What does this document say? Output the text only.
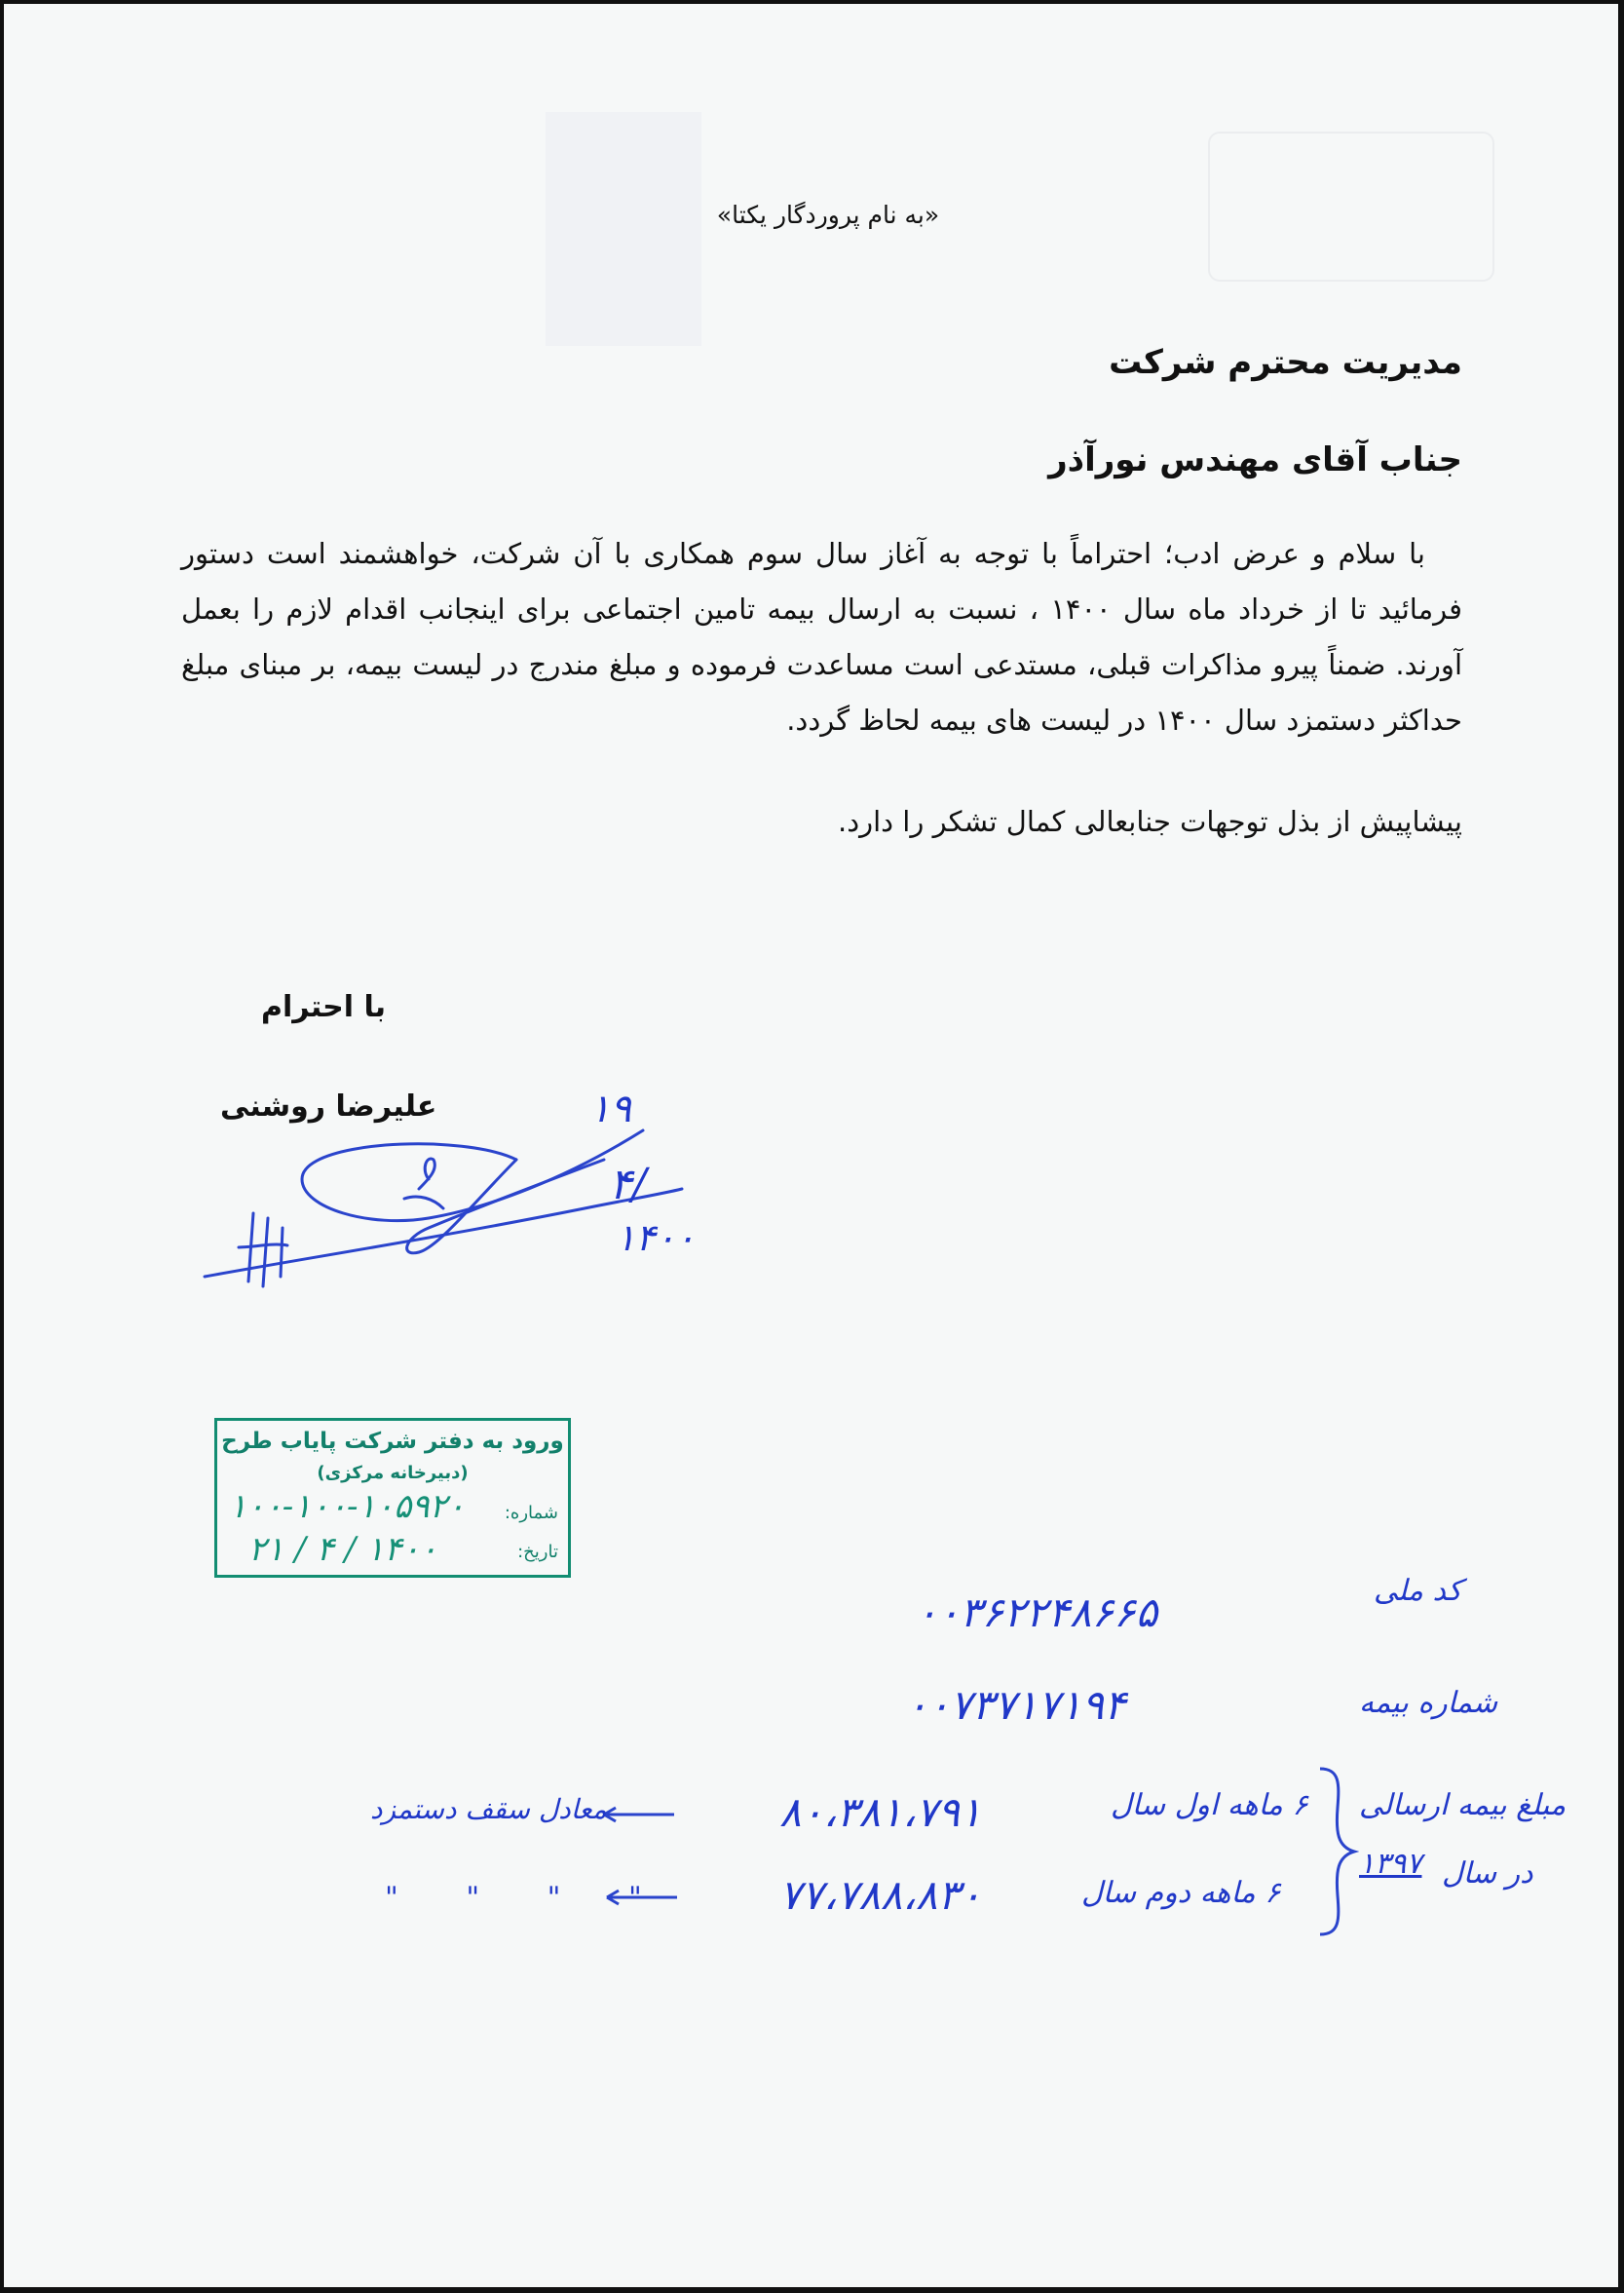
«به نام پروردگار یکتا»
مدیریت محترم شرکت
جناب آقای مهندس نورآذر
با سلام و عرض ادب؛ احتراماً با توجه به آغاز سال سوم همکاری با آن شرکت، خواهشمند است دستور فرمائید تا از خرداد ماه سال ۱۴۰۰ ، نسبت به ارسال بیمه تامین اجتماعی برای اینجانب اقدام لازم را بعمل آورند. ضمناً پیرو مذاکرات قبلی، مستدعی است مساعدت فرموده و مبلغ مندرج در لیست بیمه، بر مبنای مبلغ حداکثر دستمزد سال ۱۴۰۰ در لیست های بیمه لحاظ گردد.
پیشاپیش از بذل توجهات جنابعالی کمال تشکر را دارد.
با احترام
علیرضا روشنی	۱۹
۴/
۱۴۰۰
ورود به دفتر شرکت پایاب طرح
(دبیرخانه مرکزی)
شماره:
۱۰۰-۱۰۰-۱۰۵۹۲۰
تاریخ:
۱۴۰۰ / ۴ / ۲۱
کد ملی
۰۰۳۶۲۲۴۸۶۶۵
شماره بیمه
۰۰۷۳۷۱۷۱۹۴
مبلغ بیمه ارسالی
در سال
۱۳۹۷
۶ ماهه اول سال
۸۰،۳۸۱،۷۹۱
۶ ماهه دوم سال
۷۷،۷۸۸،۸۳۰
معادل سقف دستمزد
" " " "
